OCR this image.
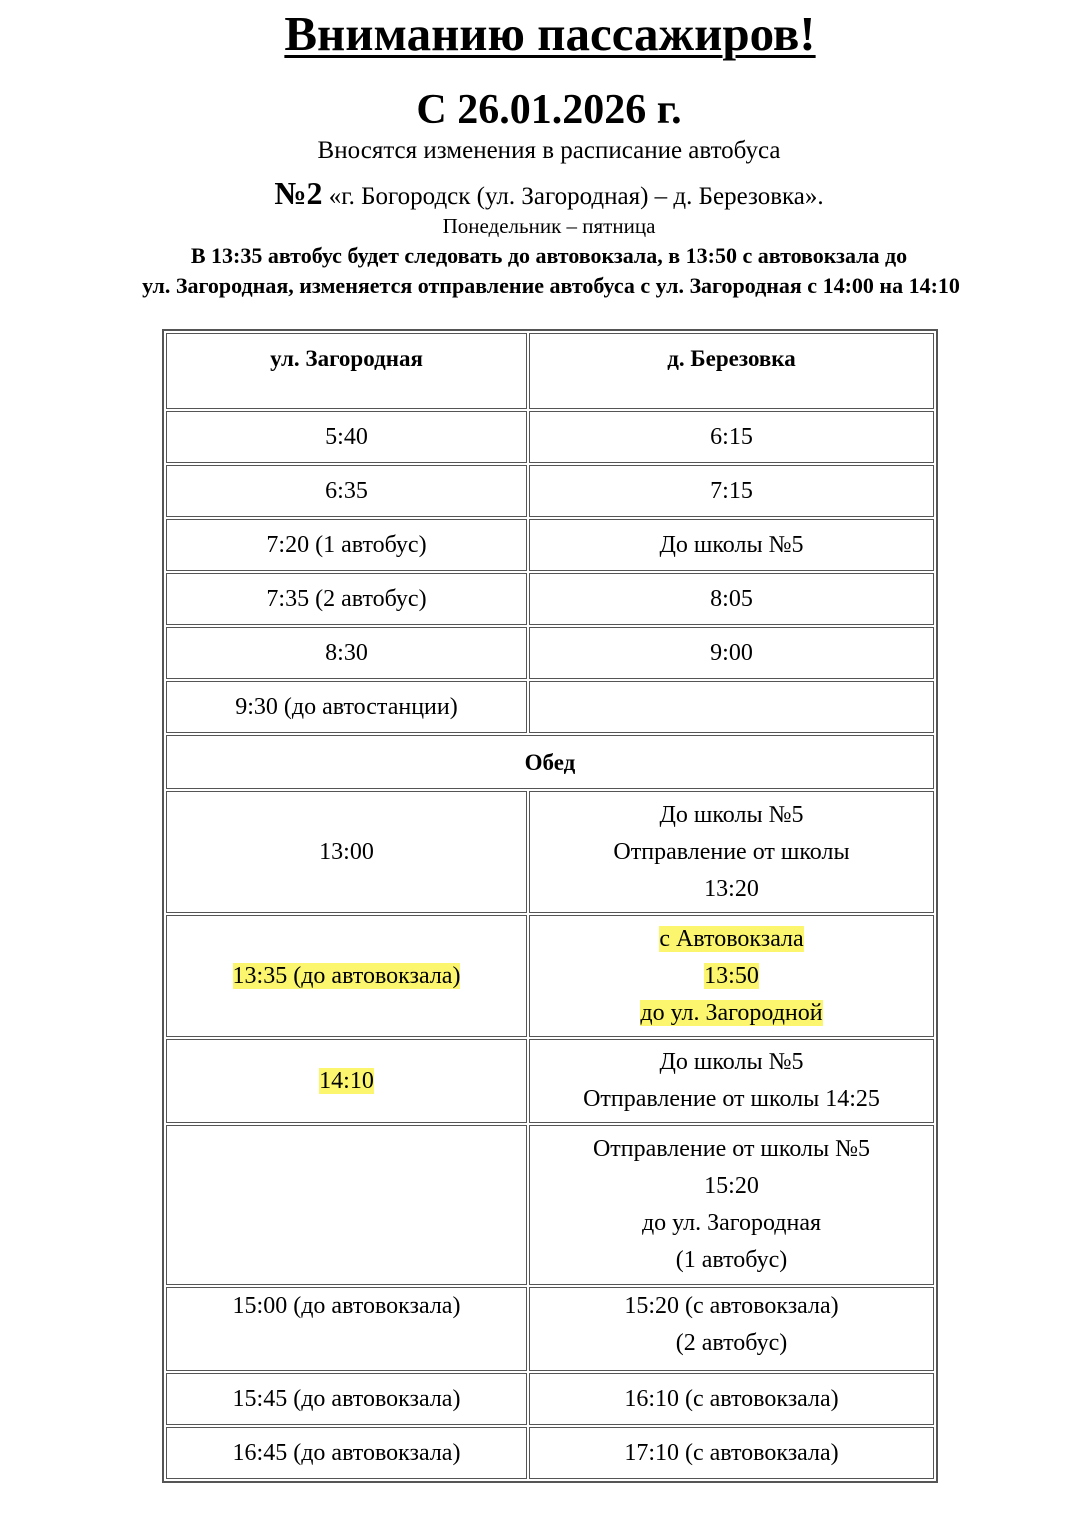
Вниманию пассажиров!
С 26.01.2026 г.
Вносятся изменения в расписание автобуса
№2 «г. Богородск (ул. Загородная) – д. Березовка».
Понедельник – пятница
В 13:35 автобус будет следовать до автовокзала, в 13:50 с автовокзала до
ул. Загородная, изменяется отправление автобуса с ул. Загородная с 14:00 на 14:10
ул. Загородная	д. Березовка

5:40	6:15

6:35	7:15

7:20 (1 автобус)	До школы №5

7:35 (2 автобус)	8:05

8:30	9:00

9:30 (до автостанции)	

Обед	

13:00	До школы №5
Отправление от школы
13:20

13:35 (до автовокзала)	с Автовокзала
13:50
до ул. Загородной

14:10	До школы №5
Отправление от школы 14:25

	Отправление от школы №5
15:20
до ул. Загородная
(1 автобус)

15:00 (до автовокзала)	15:20 (с автовокзала)
(2 автобус)

15:45 (до автовокзала)	16:10 (с автовокзала)

16:45 (до автовокзала)	17:10 (с автовокзала)
